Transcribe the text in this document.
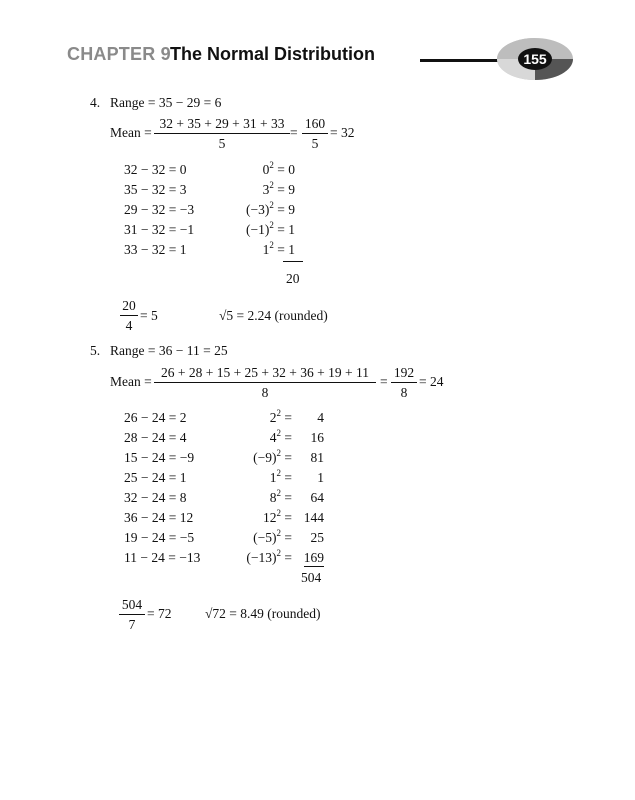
CHAPTER 9 The Normal Distribution	155
4. Range = 35 − 29 = 6
Mean =
32 + 35 + 29 + 31 + 33
5
=
160
5
= 32
32 − 32 = 0
35 − 32 = 3
29 − 32 = −3
31 − 32 = −1
33 − 32 = 1
$0^2 = 0$
$3^2 = 9$
$(-3)^2 = 9$
$(-1)^2 = 1$
$1^2 = 1$
20
20
4
= 5	√5 = 2.24 (rounded)
5. Range = 36 − 11 = 25
Mean =
26 + 28 + 15 + 25 + 32 + 36 + 19 + 11
8
=
192
8
= 24
26 − 24 = 2
28 − 24 = 4
15 − 24 = −9
25 − 24 = 1
32 − 24 = 8
36 − 24 = 12
19 − 24 = −5
11 − 24 = −13
$2^2 = 4$
$4^2 = 16$
$(-9)^2 = 81$
$1^2 = 1$
$8^2 = 64$
$12^2 = 144$
$(-5)^2 = 25$
$(-13)^2 = 169$
504
504
7
= 72 √72 = 8.49 (rounded)
